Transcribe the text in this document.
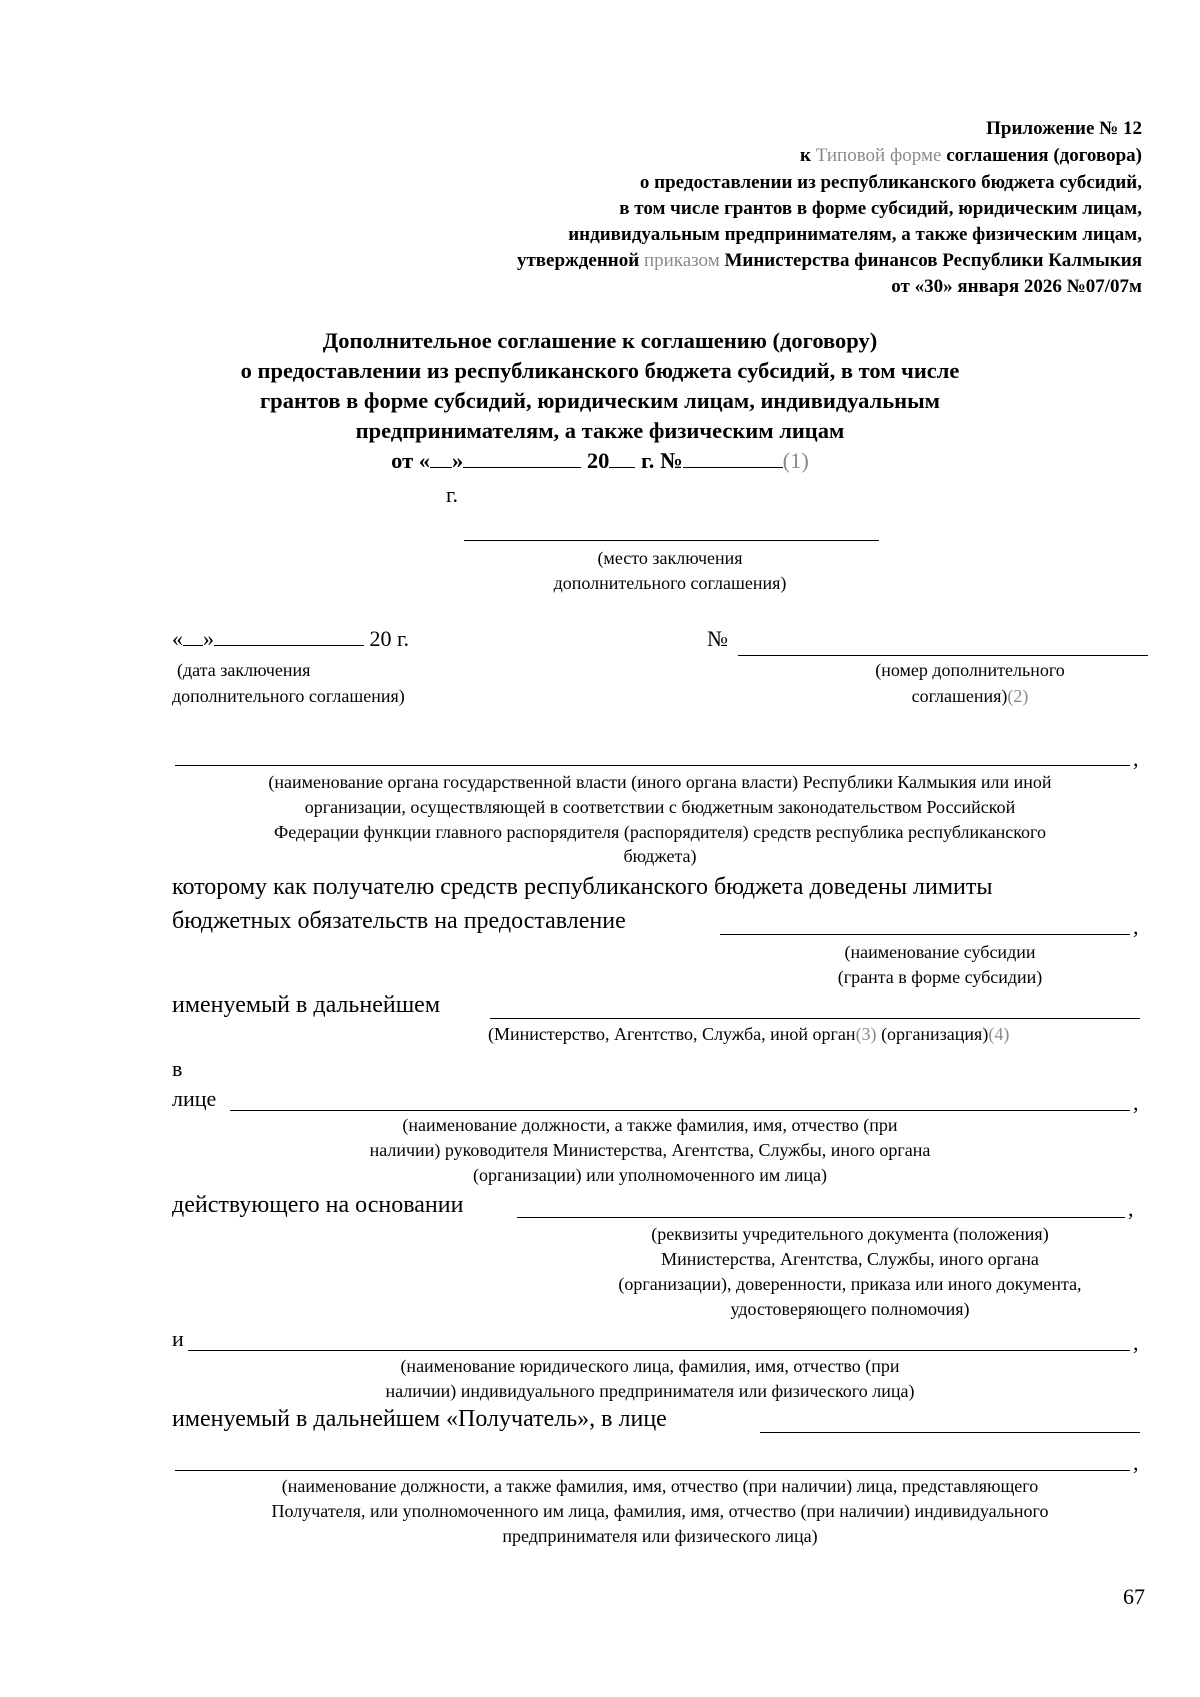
Приложение № 12
к Типовой форме соглашения (договора)
о предоставлении из республиканского бюджета субсидий,
в том числе грантов в форме субсидий, юридическим лицам,
индивидуальным предпринимателям, а также физическим лицам,
утвержденной приказом Министерства финансов Республики Калмыкия
от «30» января 2026 №07/07м
Дополнительное соглашение к соглашению (договору)
о предоставлении из республиканского бюджета субсидий, в том числе
грантов в форме субсидий, юридическим лицам, индивидуальным
предпринимателям, а также физическим лицам
от « »	20 г. №	(1)
г.
(место заключения
дополнительного соглашения)
« »	20 г.
(дата заключения
дополнительного соглашения)
№
(номер дополнительного
соглашения)(2)
,
(наименование органа государственной власти (иного органа власти) Республики Калмыкия или иной
организации, осуществляющей в соответствии с бюджетным законодательством Российской
Федерации функции главного распорядителя (распорядителя) средств республика республиканского
бюджета)
которому как получателю средств республиканского бюджета доведены лимиты
бюджетных обязательств на предоставление	,
(наименование субсидии
(гранта в форме субсидии)
именуемый в дальнейшем
(Министерство, Агентство, Служба, иной орган(3) (организация)(4)
в
лице	,
(наименование должности, а также фамилия, имя, отчество (при
наличии) руководителя Министерства, Агентства, Службы, иного органа
(организации) или уполномоченного им лица)
действующего на основании	,
(реквизиты учредительного документа (положения)
Министерства, Агентства, Службы, иного органа
(организации), доверенности, приказа или иного документа,
удостоверяющего полномочия)
и	,
(наименование юридического лица, фамилия, имя, отчество (при
наличии) индивидуального предпринимателя или физического лица)
именуемый в дальнейшем «Получатель», в лице
,
(наименование должности, а также фамилия, имя, отчество (при наличии) лица, представляющего
Получателя, или уполномоченного им лица, фамилия, имя, отчество (при наличии) индивидуального
предпринимателя или физического лица)
67
